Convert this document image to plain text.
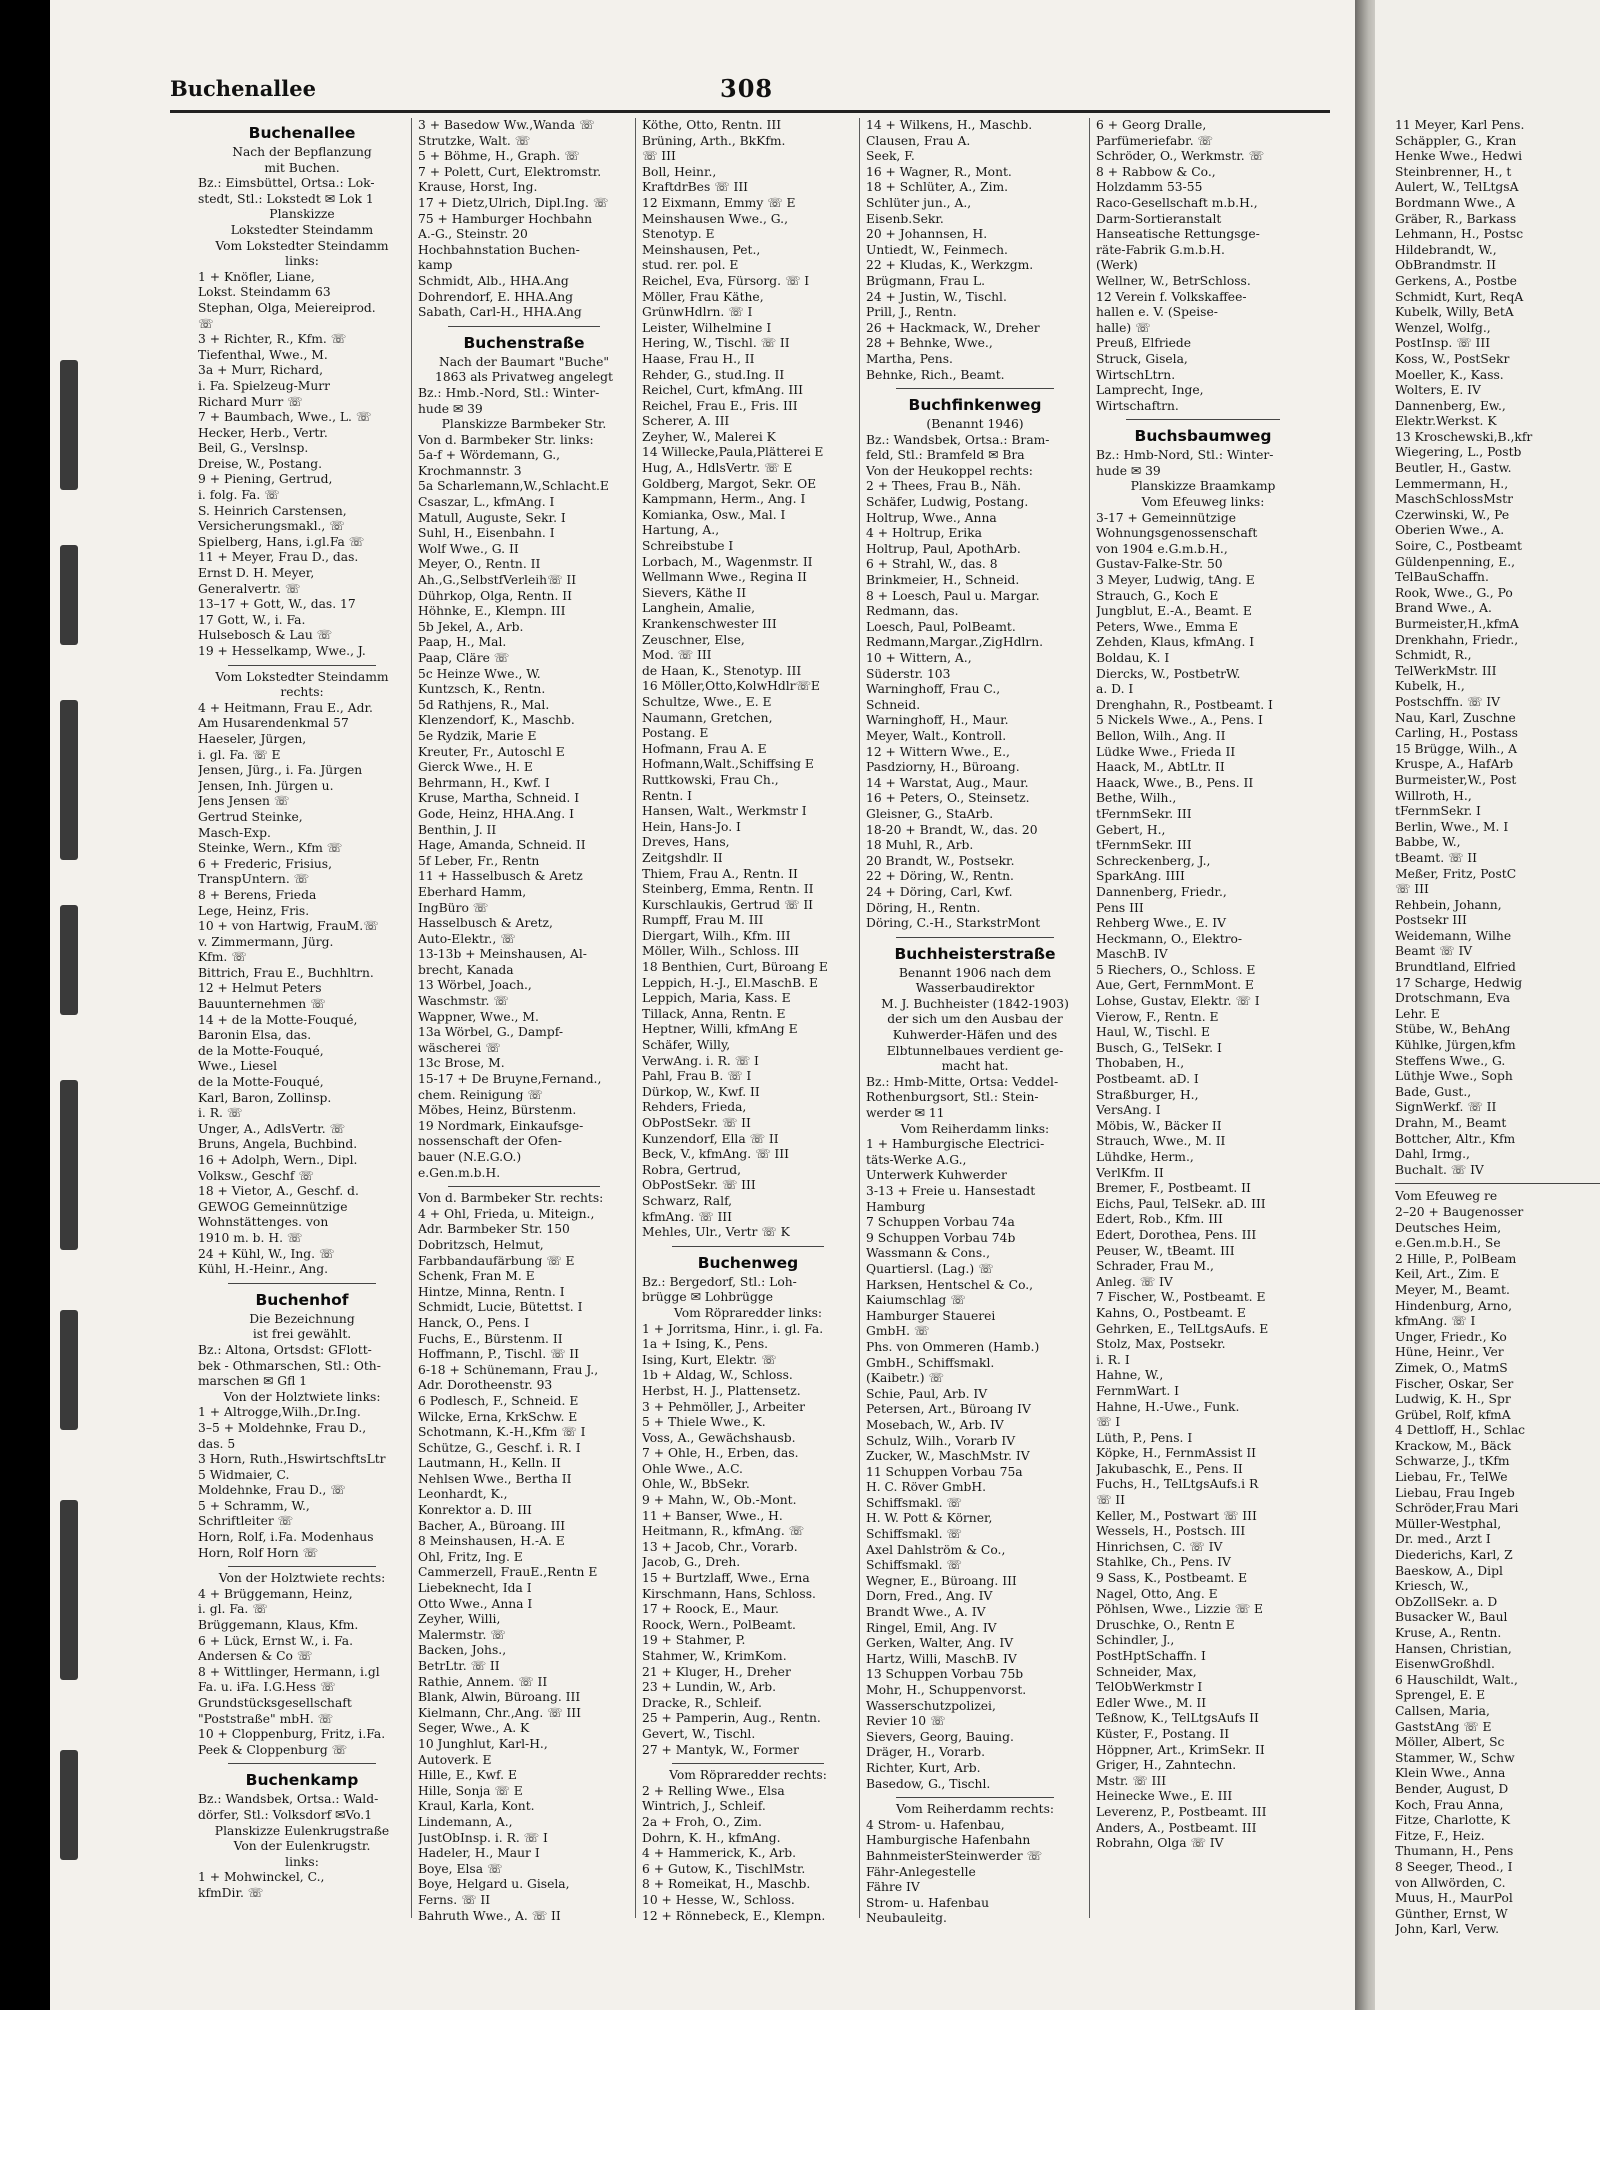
Buchenallee	308
Buchenallee
Nach der Bepflanzung
mit Buchen.
Bz.: Eimsbüttel, Ortsa.: Lok-
stedt, Stl.: Lokstedt ✉ Lok 1
Planskizze
Lokstedter Steindamm
Vom Lokstedter Steindamm
links:
1 + Knöfler, Liane,
Lokst. Steindamm 63
Stephan, Olga, Meiereiprod.
☏
3 + Richter, R., Kfm. ☏
Tiefenthal, Wwe., M.
3a + Murr, Richard,
i. Fa. Spielzeug-Murr
Richard Murr ☏
7 + Baumbach, Wwe., L. ☏
Hecker, Herb., Vertr.
Beil, G., Verslnsp.
Dreise, W., Postang.
9 + Piening, Gertrud,
i. folg. Fa. ☏
S. Heinrich Carstensen,
Versicherungsmakl., ☏
Spielberg, Hans, i.gl.Fa ☏
11 + Meyer, Frau D., das.
Ernst D. H. Meyer,
Generalvertr. ☏
13–17 + Gott, W., das. 17
17 Gott, W., i. Fa.
Hulsebosch & Lau ☏
19 + Hesselkamp, Wwe., J.
Vom Lokstedter Steindamm
rechts:
4 + Heitmann, Frau E., Adr.
Am Husarendenkmal 57
Haeseler, Jürgen,
i. gl. Fa. ☏ E
Jensen, Jürg., i. Fa. Jürgen
Jensen, Inh. Jürgen u.
Jens Jensen ☏
Gertrud Steinke,
Masch-Exp.
Steinke, Wern., Kfm ☏
6 + Frederic, Frisius,
TranspUntern. ☏
8 + Berens, Frieda
Lege, Heinz, Fris.
10 + von Hartwig, FrauM.☏
v. Zimmermann, Jürg.
Kfm. ☏
Bittrich, Frau E., Buchhltrn.
12 + Helmut Peters
Bauunternehmen ☏
14 + de la Motte-Fouqué,
Baronin Elsa, das.
de la Motte-Fouqué,
Wwe., Liesel
de la Motte-Fouqué,
Karl, Baron, Zollinsp.
i. R. ☏
Unger, A., AdlsVertr. ☏
Bruns, Angela, Buchbind.
16 + Adolph, Wern., Dipl.
Volksw., Geschf ☏
18 + Vietor, A., Geschf. d.
GEWOG Gemeinnützige
Wohnstättenges. von
1910 m. b. H. ☏
24 + Kühl, W., Ing. ☏
Kühl, H.-Heinr., Ang.
Buchenhof
Die Bezeichnung
ist frei gewählt.
Bz.: Altona, Ortsdst: GFlott-
bek - Othmarschen, Stl.: Oth-
marschen ✉ Gfl 1
Von der Holztwiete links:
1 + Altrogge,Wilh.,Dr.Ing.
3–5 + Moldehnke, Frau D.,
das. 5
3 Horn, Ruth.,HswirtschftsLtr
5 Widmaier, C.
Moldehnke, Frau D., ☏
5 + Schramm, W.,
Schriftleiter ☏
Horn, Rolf, i.Fa. Modenhaus
Horn, Rolf Horn ☏
Von der Holztwiete rechts:
4 + Brüggemann, Heinz,
i. gl. Fa. ☏
Brüggemann, Klaus, Kfm.
6 + Lück, Ernst W., i. Fa.
Andersen & Co ☏
8 + Wittlinger, Hermann, i.gl
Fa. u. iFa. I.G.Hess ☏
Grundstücksgesellschaft
"Poststraße" mbH. ☏
10 + Cloppenburg, Fritz, i.Fa.
Peek & Cloppenburg ☏
Buchenkamp
Bz.: Wandsbek, Ortsa.: Wald-
dörfer, Stl.: Volksdorf ✉Vo.1
Planskizze Eulenkrugstraße
Von der Eulenkrugstr.
links:
1 + Mohwinckel, C.,
kfmDir. ☏
3 + Basedow Ww.,Wanda ☏
Strutzke, Walt. ☏
5 + Böhme, H., Graph. ☏
7 + Polett, Curt, Elektromstr.
Krause, Horst, Ing.
17 + Dietz,Ulrich, Dipl.Ing. ☏
75 + Hamburger Hochbahn
A.-G., Steinstr. 20
Hochbahnstation Buchen-
kamp
Schmidt, Alb., HHA.Ang
Dohrendorf, E. HHA.Ang
Sabath, Carl-H., HHA.Ang
Buchenstraße
Nach der Baumart "Buche"
1863 als Privatweg angelegt
Bz.: Hmb.-Nord, Stl.: Winter-
hude ✉ 39
Planskizze Barmbeker Str.
Von d. Barmbeker Str. links:
5a-f + Wördemann, G.,
Krochmannstr. 3
5a Scharlemann,W.,Schlacht.E
Csaszar, L., kfmAng. I
Matull, Auguste, Sekr. I
Suhl, H., Eisenbahn. I
Wolf Wwe., G. II
Meyer, O., Rentn. II
Ah.,G.,SelbstfVerleih☏ II
Dührkop, Olga, Rentn. II
Höhnke, E., Klempn. III
5b Jekel, A., Arb.
Paap, H., Mal.
Paap, Cläre ☏
5c Heinze Wwe., W.
Kuntzsch, K., Rentn.
5d Rathjens, R., Mal.
Klenzendorf, K., Maschb.
5e Rydzik, Marie E
Kreuter, Fr., Autoschl E
Gierck Wwe., H. E
Behrmann, H., Kwf. I
Kruse, Martha, Schneid. I
Gode, Heinz, HHA.Ang. I
Benthin, J. II
Hage, Amanda, Schneid. II
5f Leber, Fr., Rentn
11 + Hasselbusch & Aretz
Eberhard Hamm,
IngBüro ☏
Hasselbusch & Aretz,
Auto-Elektr., ☏
13-13b + Meinshausen, Al-
brecht, Kanada
13 Wörbel, Joach.,
Waschmstr. ☏
Wappner, Wwe., M.
13a Wörbel, G., Dampf-
wäscherei ☏
13c Brose, M.
15-17 + De Bruyne,Fernand.,
chem. Reinigung ☏
Möbes, Heinz, Bürstenm.
19 Nordmark, Einkaufsge-
nossenschaft der Ofen-
bauer (N.E.G.O.)
e.Gen.m.b.H.
Von d. Barmbeker Str. rechts:
4 + Ohl, Frieda, u. Miteign.,
Adr. Barmbeker Str. 150
Dobritzsch, Helmut,
Farbbandaufärbung ☏ E
Schenk, Fran M. E
Hintze, Minna, Rentn. I
Schmidt, Lucie, Bütettst. I
Hanck, O., Pens. I
Fuchs, E., Bürstenm. II
Hoffmann, P., Tischl. ☏ II
6-18 + Schünemann, Frau J.,
Adr. Dorotheenstr. 93
6 Podlesch, F., Schneid. E
Wilcke, Erna, KrkSchw. E
Schotmann, K.-H.,Kfm ☏ I
Schütze, G., Geschf. i. R. I
Lautmann, H., Kelln. II
Nehlsen Wwe., Bertha II
Leonhardt, K.,
Konrektor a. D. III
Bacher, A., Büroang. III
8 Meinshausen, H.-A. E
Ohl, Fritz, Ing. E
Cammerzell, FrauE.,Rentn E
Liebeknecht, Ida I
Otto Wwe., Anna I
Zeyher, Willi,
Malermstr. ☏
Backen, Johs.,
BetrLtr. ☏ II
Rathie, Annem. ☏ II
Blank, Alwin, Büroang. III
Kielmann, Chr.,Ang. ☏ III
Seger, Wwe., A. K
10 Junghlut, Karl-H.,
Autoverk. E
Hille, E., Kwf. E
Hille, Sonja ☏ E
Kraul, Karla, Kont.
Lindemann, A.,
JustObInsp. i. R. ☏ I
Hadeler, H., Maur I
Boye, Elsa ☏
Boye, Helgard u. Gisela,
Ferns. ☏ II
Bahruth Wwe., A. ☏ II
Köthe, Otto, Rentn. III
Brüning, Arth., BkKfm.
☏ III
Boll, Heinr.,
KraftdrBes ☏ III
12 Eixmann, Emmy ☏ E
Meinshausen Wwe., G.,
Stenotyp. E
Meinshausen, Pet.,
stud. rer. pol. E
Reichel, Eva, Fürsorg. ☏ I
Möller, Frau Käthe,
GrünwHdlrn. ☏ I
Leister, Wilhelmine I
Hering, W., Tischl. ☏ II
Haase, Frau H., II
Rehder, G., stud.Ing. II
Reichel, Curt, kfmAng. III
Reichel, Frau E., Fris. III
Scherer, A. III
Zeyher, W., Malerei K
14 Willecke,Paula,Plätterei E
Hug, A., HdlsVertr. ☏ E
Goldberg, Margot, Sekr. OE
Kampmann, Herm., Ang. I
Komianka, Osw., Mal. I
Hartung, A.,
Schreibstube I
Lorbach, M., Wagenmstr. II
Wellmann Wwe., Regina II
Sievers, Käthe II
Langhein, Amalie,
Krankenschwester III
Zeuschner, Else,
Mod. ☏ III
de Haan, K., Stenotyp. III
16 Möller,Otto,KolwHdlr☏E
Schultze, Wwe., E. E
Naumann, Gretchen,
Postang. E
Hofmann, Frau A. E
Hofmann,Walt.,Schiffsing E
Ruttkowski, Frau Ch.,
Rentn. I
Hansen, Walt., Werkmstr I
Hein, Hans-Jo. I
Dreves, Hans,
Zeitgshdlr. II
Thiem, Frau A., Rentn. II
Steinberg, Emma, Rentn. II
Kurschlaukis, Gertrud ☏ II
Rumpff, Frau M. III
Diergart, Wilh., Kfm. III
Möller, Wilh., Schloss. III
18 Benthien, Curt, Büroang E
Leppich, H.-J., El.MaschB. E
Leppich, Maria, Kass. E
Tillack, Anna, Rentn. E
Heptner, Willi, kfmAng E
Schäfer, Willy,
VerwAng. i. R. ☏ I
Pahl, Frau B. ☏ I
Dürkop, W., Kwf. II
Rehders, Frieda,
ObPostSekr. ☏ II
Kunzendorf, Ella ☏ II
Beck, V., kfmAng. ☏ III
Robra, Gertrud,
ObPostSekr. ☏ III
Schwarz, Ralf,
kfmAng. ☏ III
Mehles, Ulr., Vertr ☏ K
Buchenweg
Bz.: Bergedorf, Stl.: Loh-
brügge ✉ Lohbrügge
Vom Röpraredder links:
1 + Jorritsma, Hinr., i. gl. Fa.
1a + Ising, K., Pens.
Ising, Kurt, Elektr. ☏
1b + Aldag, W., Schloss.
Herbst, H. J., Plattensetz.
3 + Pehmöller, J., Arbeiter
5 + Thiele Wwe., K.
Voss, A., Gewächshausb.
7 + Ohle, H., Erben, das.
Ohle Wwe., A.C.
Ohle, W., BbSekr.
9 + Mahn, W., Ob.-Mont.
11 + Banser, Wwe., H.
Heitmann, R., kfmAng. ☏
13 + Jacob, Chr., Vorarb.
Jacob, G., Dreh.
15 + Burtzlaff, Wwe., Erna
Kirschmann, Hans, Schloss.
17 + Roock, E., Maur.
Roock, Wern., PolBeamt.
19 + Stahmer, P.
Stahmer, W., KrimKom.
21 + Kluger, H., Dreher
23 + Lundin, W., Arb.
Dracke, R., Schleif.
25 + Pamperin, Aug., Rentn.
Gevert, W., Tischl.
27 + Mantyk, W., Former
Vom Röpraredder rechts:
2 + Relling Wwe., Elsa
Wintrich, J., Schleif.
2a + Froh, O., Zim.
Dohrn, K. H., kfmAng.
4 + Hammerick, K., Arb.
6 + Gutow, K., TischlMstr.
8 + Romeikat, H., Maschb.
10 + Hesse, W., Schloss.
12 + Rönnebeck, E., Klempn.
14 + Wilkens, H., Maschb.
Clausen, Frau A.
Seek, F.
16 + Wagner, R., Mont.
18 + Schlüter, A., Zim.
Schlüter jun., A.,
Eisenb.Sekr.
20 + Johannsen, H.
Untiedt, W., Feinmech.
22 + Kludas, K., Werkzgm.
Brügmann, Frau L.
24 + Justin, W., Tischl.
Prill, J., Rentn.
26 + Hackmack, W., Dreher
28 + Behnke, Wwe.,
Martha, Pens.
Behnke, Rich., Beamt.
Buchfinkenweg
(Benannt 1946)
Bz.: Wandsbek, Ortsa.: Bram-
feld, Stl.: Bramfeld ✉ Bra
Von der Heukoppel rechts:
2 + Thees, Frau B., Näh.
Schäfer, Ludwig, Postang.
Holtrup, Wwe., Anna
4 + Holtrup, Erika
Holtrup, Paul, ApothArb.
6 + Strahl, W., das. 8
Brinkmeier, H., Schneid.
8 + Loesch, Paul u. Margar.
Redmann, das.
Loesch, Paul, PolBeamt.
Redmann,Margar.,ZigHdlrn.
10 + Wittern, A.,
Süderstr. 103
Warninghoff, Frau C.,
Schneid.
Warninghoff, H., Maur.
Meyer, Walt., Kontroll.
12 + Wittern Wwe., E.,
Pasdziorny, H., Büroang.
14 + Warstat, Aug., Maur.
16 + Peters, O., Steinsetz.
Gleisner, G., StaArb.
18-20 + Brandt, W., das. 20
18 Muhl, R., Arb.
20 Brandt, W., Postsekr.
22 + Döring, W., Rentn.
24 + Döring, Carl, Kwf.
Döring, H., Rentn.
Döring, C.-H., StarkstrMont
Buchheisterstraße
Benannt 1906 nach dem
Wasserbaudirektor
M. J. Buchheister (1842-1903)
der sich um den Ausbau der
Kuhwerder-Häfen und des
Elbtunnelbaues verdient ge-
macht hat.
Bz.: Hmb-Mitte, Ortsa: Veddel-
Rothenburgsort, Stl.: Stein-
werder ✉ 11
Vom Reiherdamm links:
1 + Hamburgische Electrici-
täts-Werke A.G.,
Unterwerk Kuhwerder
3-13 + Freie u. Hansestadt
Hamburg
7 Schuppen Vorbau 74a
9 Schuppen Vorbau 74b
Wassmann & Cons.,
Quartiersl. (Lag.) ☏
Harksen, Hentschel & Co.,
Kaiumschlag ☏
Hamburger Stauerei
GmbH. ☏
Phs. von Ommeren (Hamb.)
GmbH., Schiffsmakl.
(Kaibetr.) ☏
Schie, Paul, Arb. IV
Petersen, Art., Büroang IV
Mosebach, W., Arb. IV
Schulz, Wilh., Vorarb IV
Zucker, W., MaschMstr. IV
11 Schuppen Vorbau 75a
H. C. Röver GmbH.
Schiffsmakl. ☏
H. W. Pott & Körner,
Schiffsmakl. ☏
Axel Dahlström & Co.,
Schiffsmakl. ☏
Wegner, E., Büroang. III
Dorn, Fred., Ang. IV
Brandt Wwe., A. IV
Ringel, Emil, Ang. IV
Gerken, Walter, Ang. IV
Hartz, Willi, MaschB. IV
13 Schuppen Vorbau 75b
Mohr, H., Schuppenvorst.
Wasserschutzpolizei,
Revier 10 ☏
Sievers, Georg, Bauing.
Dräger, H., Vorarb.
Richter, Kurt, Arb.
Basedow, G., Tischl.
Vom Reiherdamm rechts:
4 Strom- u. Hafenbau,
Hamburgische Hafenbahn
BahnmeisterSteinwerder ☏
Fähr-Anlegestelle
Fähre IV
Strom- u. Hafenbau
Neubauleitg.
6 + Georg Dralle,
Parfümeriefabr. ☏
Schröder, O., Werkmstr. ☏
8 + Rabbow & Co.,
Holzdamm 53-55
Raco-Gesellschaft m.b.H.,
Darm-Sortieranstalt
Hanseatische Rettungsge-
räte-Fabrik G.m.b.H.
(Werk)
Wellner, W., BetrSchloss.
12 Verein f. Volkskaffee-
hallen e. V. (Speise-
halle) ☏
Preuß, Elfriede
Struck, Gisela,
WirtschLtrn.
Lamprecht, Inge,
Wirtschaftrn.
Buchsbaumweg
Bz.: Hmb-Nord, Stl.: Winter-
hude ✉ 39
Planskizze Braamkamp
Vom Efeuweg links:
3-17 + Gemeinnützige
Wohnungsgenossenschaft
von 1904 e.G.m.b.H.,
Gustav-Falke-Str. 50
3 Meyer, Ludwig, tAng. E
Strauch, G., Koch E
Jungblut, E.-A., Beamt. E
Peters, Wwe., Emma E
Zehden, Klaus, kfmAng. I
Boldau, K. I
Diercks, W., PostbetrW.
a. D. I
Drenghahn, R., Postbeamt. I
5 Nickels Wwe., A., Pens. I
Bellon, Wilh., Ang. II
Lüdke Wwe., Frieda II
Haack, M., AbtLtr. II
Haack, Wwe., B., Pens. II
Bethe, Wilh.,
tFernmSekr. III
Gebert, H.,
tFernmSekr. III
Schreckenberg, J.,
SparkAng. IIII
Dannenberg, Friedr.,
Pens III
Rehberg Wwe., E. IV
Heckmann, O., Elektro-
MaschB. IV
5 Riechers, O., Schloss. E
Aue, Gert, FernmMont. E
Lohse, Gustav, Elektr. ☏ I
Vierow, F., Rentn. E
Haul, W., Tischl. E
Busch, G., TelSekr. I
Thobaben, H.,
Postbeamt. aD. I
Straßburger, H.,
VersAng. I
Möbis, W., Bäcker II
Strauch, Wwe., M. II
Lühdke, Herm.,
VerlKfm. II
Bremer, F., Postbeamt. II
Eichs, Paul, TelSekr. aD. III
Edert, Rob., Kfm. III
Edert, Dorothea, Pens. III
Peuser, W., tBeamt. III
Schrader, Frau M.,
Anleg. ☏ IV
7 Fischer, W., Postbeamt. E
Kahns, O., Postbeamt. E
Gehrken, E., TelLtgsAufs. E
Stolz, Max, Postsekr.
i. R. I
Hahne, W.,
FernmWart. I
Hahne, H.-Uwe., Funk.
☏ I
Lüth, P., Pens. I
Köpke, H., FernmAssist II
Jakubaschk, E., Pens. II
Fuchs, H., TelLtgsAufs.i R
☏ II
Keller, M., Postwart ☏ III
Wessels, H., Postsch. III
Hinrichsen, C. ☏ IV
Stahlke, Ch., Pens. IV
9 Sass, K., Postbeamt. E
Nagel, Otto, Ang. E
Pöhlsen, Wwe., Lizzie ☏ E
Druschke, O., Rentn E
Schindler, J.,
PostHptSchaffn. I
Schneider, Max,
TelObWerkmstr I
Edler Wwe., M. II
Teßnow, K., TelLtgsAufs II
Küster, F., Postang. II
Höppner, Art., KrimSekr. II
Griger, H., Zahntechn.
Mstr. ☏ III
Heinecke Wwe., E. III
Leverenz, P., Postbeamt. III
Anders, A., Postbeamt. III
Robrahn, Olga ☏ IV
11 Meyer, Karl Pens.
Schäppler, G., Kran
Henke Wwe., Hedwi
Steinbrenner, H., t
Aulert, W., TelLtgsA
Bordmann Wwe., A
Gräber, R., Barkass
Lehmann, H., Postsc
Hildebrandt, W.,
ObBrandmstr. II
Gerkens, A., Postbe
Schmidt, Kurt, ReqA
Kubelk, Willy, BetA
Wenzel, Wolfg.,
PostInsp. ☏ III
Koss, W., PostSekr
Moeller, K., Kass.
Wolters, E. IV
Dannenberg, Ew.,
Elektr.Werkst. K
13 Kroschewski,B.,kfr
Wiegering, L., Postb
Beutler, H., Gastw.
Lemmermann, H.,
MaschSchlossMstr
Czerwinski, W., Pe
Oberien Wwe., A.
Soire, C., Postbeamt
Güldenpenning, E.,
TelBauSchaffn.
Rook, Wwe., G., Po
Brand Wwe., A.
Burmeister,H.,kfmA
Drenkhahn, Friedr.,
Schmidt, R.,
TelWerkMstr. III
Kubelk, H.,
Postschffn. ☏ IV
Nau, Karl, Zuschne
Carling, H., Postass
15 Brügge, Wilh., A
Kruspe, A., HafArb
Burmeister,W., Post
Willroth, H.,
tFernmSekr. I
Berlin, Wwe., M. I
Babbe, W.,
tBeamt. ☏ II
Meßer, Fritz, PostC
☏ III
Rehbein, Johann,
Postsekr III
Weidemann, Wilhe
Beamt ☏ IV
Brundtland, Elfried
17 Scharge, Hedwig
Drotschmann, Eva
Lehr. E
Stübe, W., BehAng
Kühlke, Jürgen,kfm
Steffens Wwe., G.
Lüthje Wwe., Soph
Bade, Gust.,
SignWerkf. ☏ II
Drahn, M., Beamt
Bottcher, Altr., Kfm
Dahl, Irmg.,
Buchalt. ☏ IV
Vom Efeuweg re
2–20 + Baugenosser
Deutsches Heim,
e.Gen.m.b.H., Se
2 Hille, P., PolBeam
Keil, Art., Zim. E
Meyer, M., Beamt.
Hindenburg, Arno,
kfmAng. ☏ I
Unger, Friedr., Ko
Hüne, Heinr., Ver
Zimek, O., MatmS
Fischer, Oskar, Ser
Ludwig, K. H., Spr
Grübel, Rolf, kfmA
4 Dettloff, H., Schlac
Krackow, M., Bäck
Schwarze, J., tKfm
Liebau, Fr., TelWe
Liebau, Frau Ingeb
Schröder,Frau Mari
Müller-Westphal,
Dr. med., Arzt I
Diederichs, Karl, Z
Baeskow, A., Dipl
Kriesch, W.,
ObZollSekr. a. D
Busacker W., Baul
Kruse, A., Rentn.
Hansen, Christian,
EisenwGroßhdl.
6 Hauschildt, Walt.,
Sprengel, E. E
Callsen, Maria,
GaststAng ☏ E
Möller, Albert, Sc
Stammer, W., Schw
Klein Wwe., Anna
Bender, August, D
Koch, Frau Anna,
Fitze, Charlotte, K
Fitze, F., Heiz.
Thumann, H., Pens
8 Seeger, Theod., I
von Allwörden, C.
Muus, H., MaurPol
Günther, Ernst, W
John, Karl, Verw.
